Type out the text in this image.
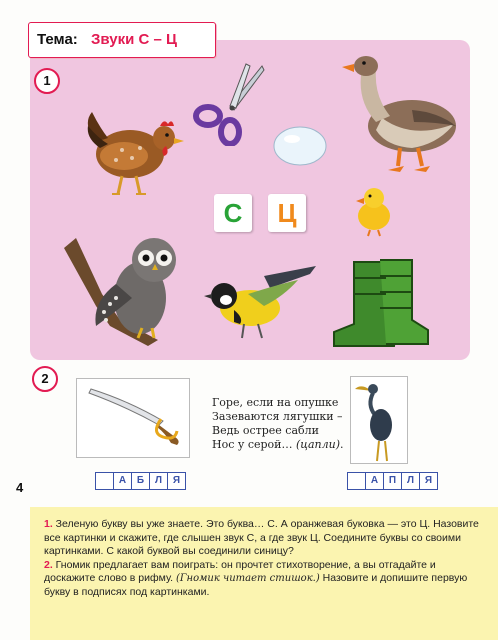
Тема: Звуки С – Ц
1
С	Ц
2
Горе, если на опушке
Зазеваются лягушки –
Ведь острее сабли
Нос у серой… (цапли).
А	Б	Л	Я	А	П	Л	Я
4

1. Зеленую букву вы уже знаете. Это буква… С. А оранжевая буковка — это Ц. Назовите все картинки и скажите, где слышен звук С, а где звук Ц. Соедините буквы со своими картинками. С какой буквой вы соединили синицу?

2. Гномик предлагает вам поиграть: он прочтет стихотворение, а вы отгадайте и доскажите слово в рифму. (Гномик читает стишок.) Назовите и допишите первую букву в подписях под картинками.
